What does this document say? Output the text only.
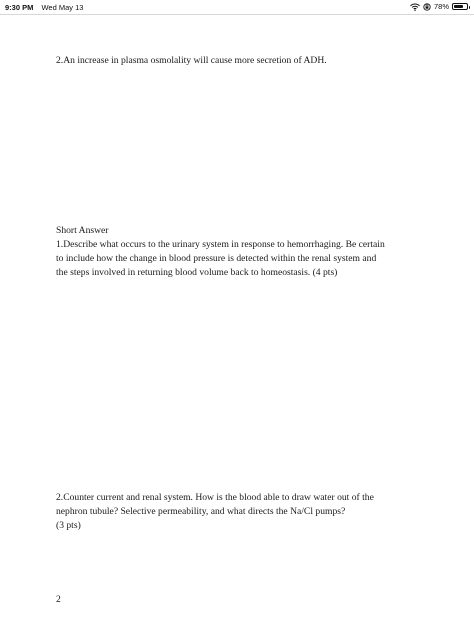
9:30 PM Wed May 13	78%
2.An increase in plasma osmolality will cause more secretion of ADH.
Short Answer
1.Describe what occurs to the urinary system in response to hemorrhaging. Be certain
to include how the change in blood pressure is detected within the renal system and
the steps involved in returning blood volume back to homeostasis. (4 pts)
2.Counter current and renal system. How is the blood able to draw water out of the
nephron tubule? Selective permeability, and what directs the Na/Cl pumps?
(3 pts)
2
